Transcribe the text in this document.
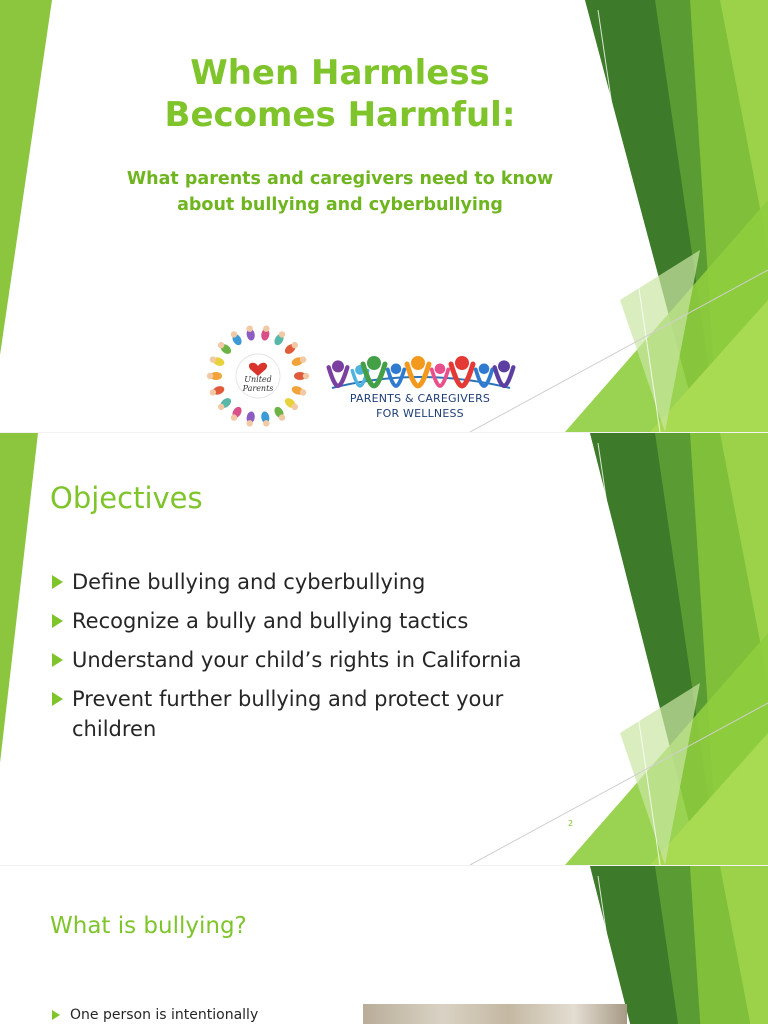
When Harmless
Becomes Harmful:
What parents and caregivers need to know
about bullying and cyberbullying
United
Parents
PARENTS & CAREGIVERS
FOR WELLNESS
Objectives
Define bullying and cyberbullying
Recognize a bully and bullying tactics
Understand your child’s rights in California
Prevent further bullying and protect your children
2
What is bullying?
One person is intentionally
